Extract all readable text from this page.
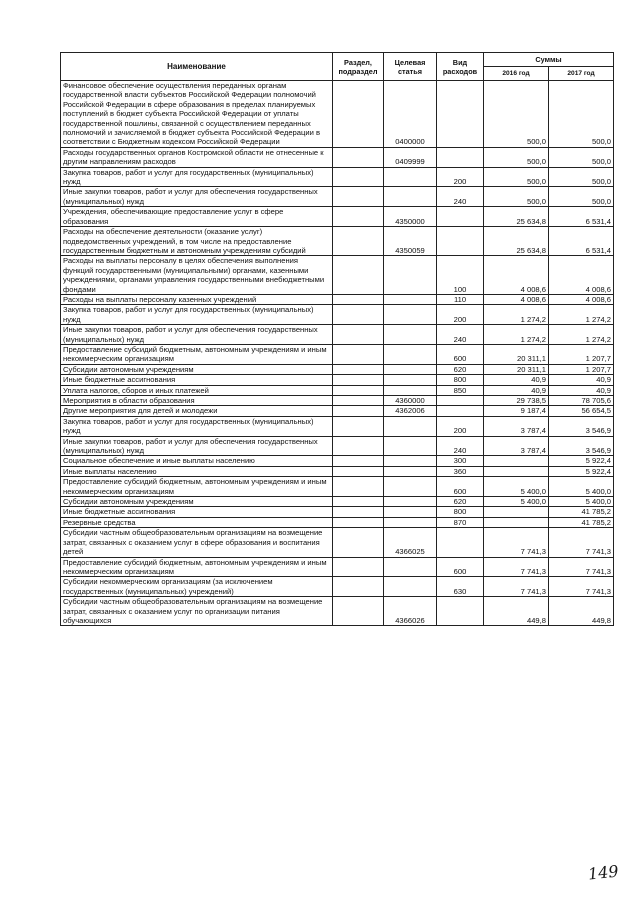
Наименование	Раздел, подраздел	Целевая статья	Вид расходов	Суммы	
				2016 год	2017 год
Финансовое обеспечение осуществления переданных органам государственной власти субъектов Российской Федерации полномочий Российской Федерации в сфере образования в пределах планируемых поступлений в бюджет субъекта Российской Федерации от уплаты государственной пошлины, связанной с осуществлением переданных полномочий и зачисляемой в бюджет субъекта Российской Федерации в соответствии с Бюджетным кодексом Российской Федерации		0400000		500,0	500,0
Расходы государственных органов Костромской области не отнесенные к другим направлениям расходов		0409999		500,0	500,0
Закупка товаров, работ и услуг для государственных (муниципальных) нужд			200	500,0	500,0
Иные закупки товаров, работ и услуг для обеспечения государственных (муниципальных) нужд			240	500,0	500,0
Учреждения, обеспечивающие предоставление услуг в сфере образования		4350000		25 634,8	6 531,4
Расходы на обеспечение деятельности (оказание услуг) подведомственных учреждений, в том числе на предоставление государственным бюджетным и автономным учреждениям субсидий		4350059		25 634,8	6 531,4
Расходы на выплаты персоналу в целях обеспечения выполнения функций государственными (муниципальными) органами, казенными учреждениями, органами управления государственными внебюджетными фондами			100	4 008,6	4 008,6
Расходы на выплаты персоналу казенных учреждений			110	4 008,6	4 008,6
Закупка товаров, работ и услуг для государственных (муниципальных) нужд			200	1 274,2	1 274,2
Иные закупки товаров, работ и услуг для обеспечения государственных (муниципальных) нужд			240	1 274,2	1 274,2
Предоставление субсидий бюджетным, автономным учреждениям и иным некоммерческим организациям			600	20 311,1	1 207,7
Субсидии автономным учреждениям			620	20 311,1	1 207,7
Иные бюджетные ассигнования			800	40,9	40,9
Уплата налогов, сборов и иных платежей			850	40,9	40,9
Мероприятия в области образования		4360000		29 738,5	78 705,6
Другие мероприятия для детей и молодежи		4362006		9 187,4	56 654,5
Закупка товаров, работ и услуг для государственных (муниципальных) нужд			200	3 787,4	3 546,9
Иные закупки товаров, работ и услуг для обеспечения государственных (муниципальных) нужд			240	3 787,4	3 546,9
Социальное обеспечение и иные выплаты населению			300		5 922,4
Иные выплаты населению			360		5 922,4
Предоставление субсидий бюджетным, автономным учреждениям и иным некоммерческим организациям			600	5 400,0	5 400,0
Субсидии автономным учреждениям			620	5 400,0	5 400,0
Иные бюджетные ассигнования			800		41 785,2
Резервные средства			870		41 785,2
Субсидии частным общеобразовательным организациям на возмещение затрат, связанных с оказанием услуг в сфере образования и воспитания детей		4366025		7 741,3	7 741,3
Предоставление субсидий бюджетным, автономным учреждениям и иным некоммерческим организациям			600	7 741,3	7 741,3
Субсидии некоммерческим организациям (за исключением государственных (муниципальных) учреждений)			630	7 741,3	7 741,3
Субсидии частным общеобразовательным организациям на возмещение затрат, связанных с оказанием услуг по организации питания обучающихся		4366026		449,8	449,8
149
